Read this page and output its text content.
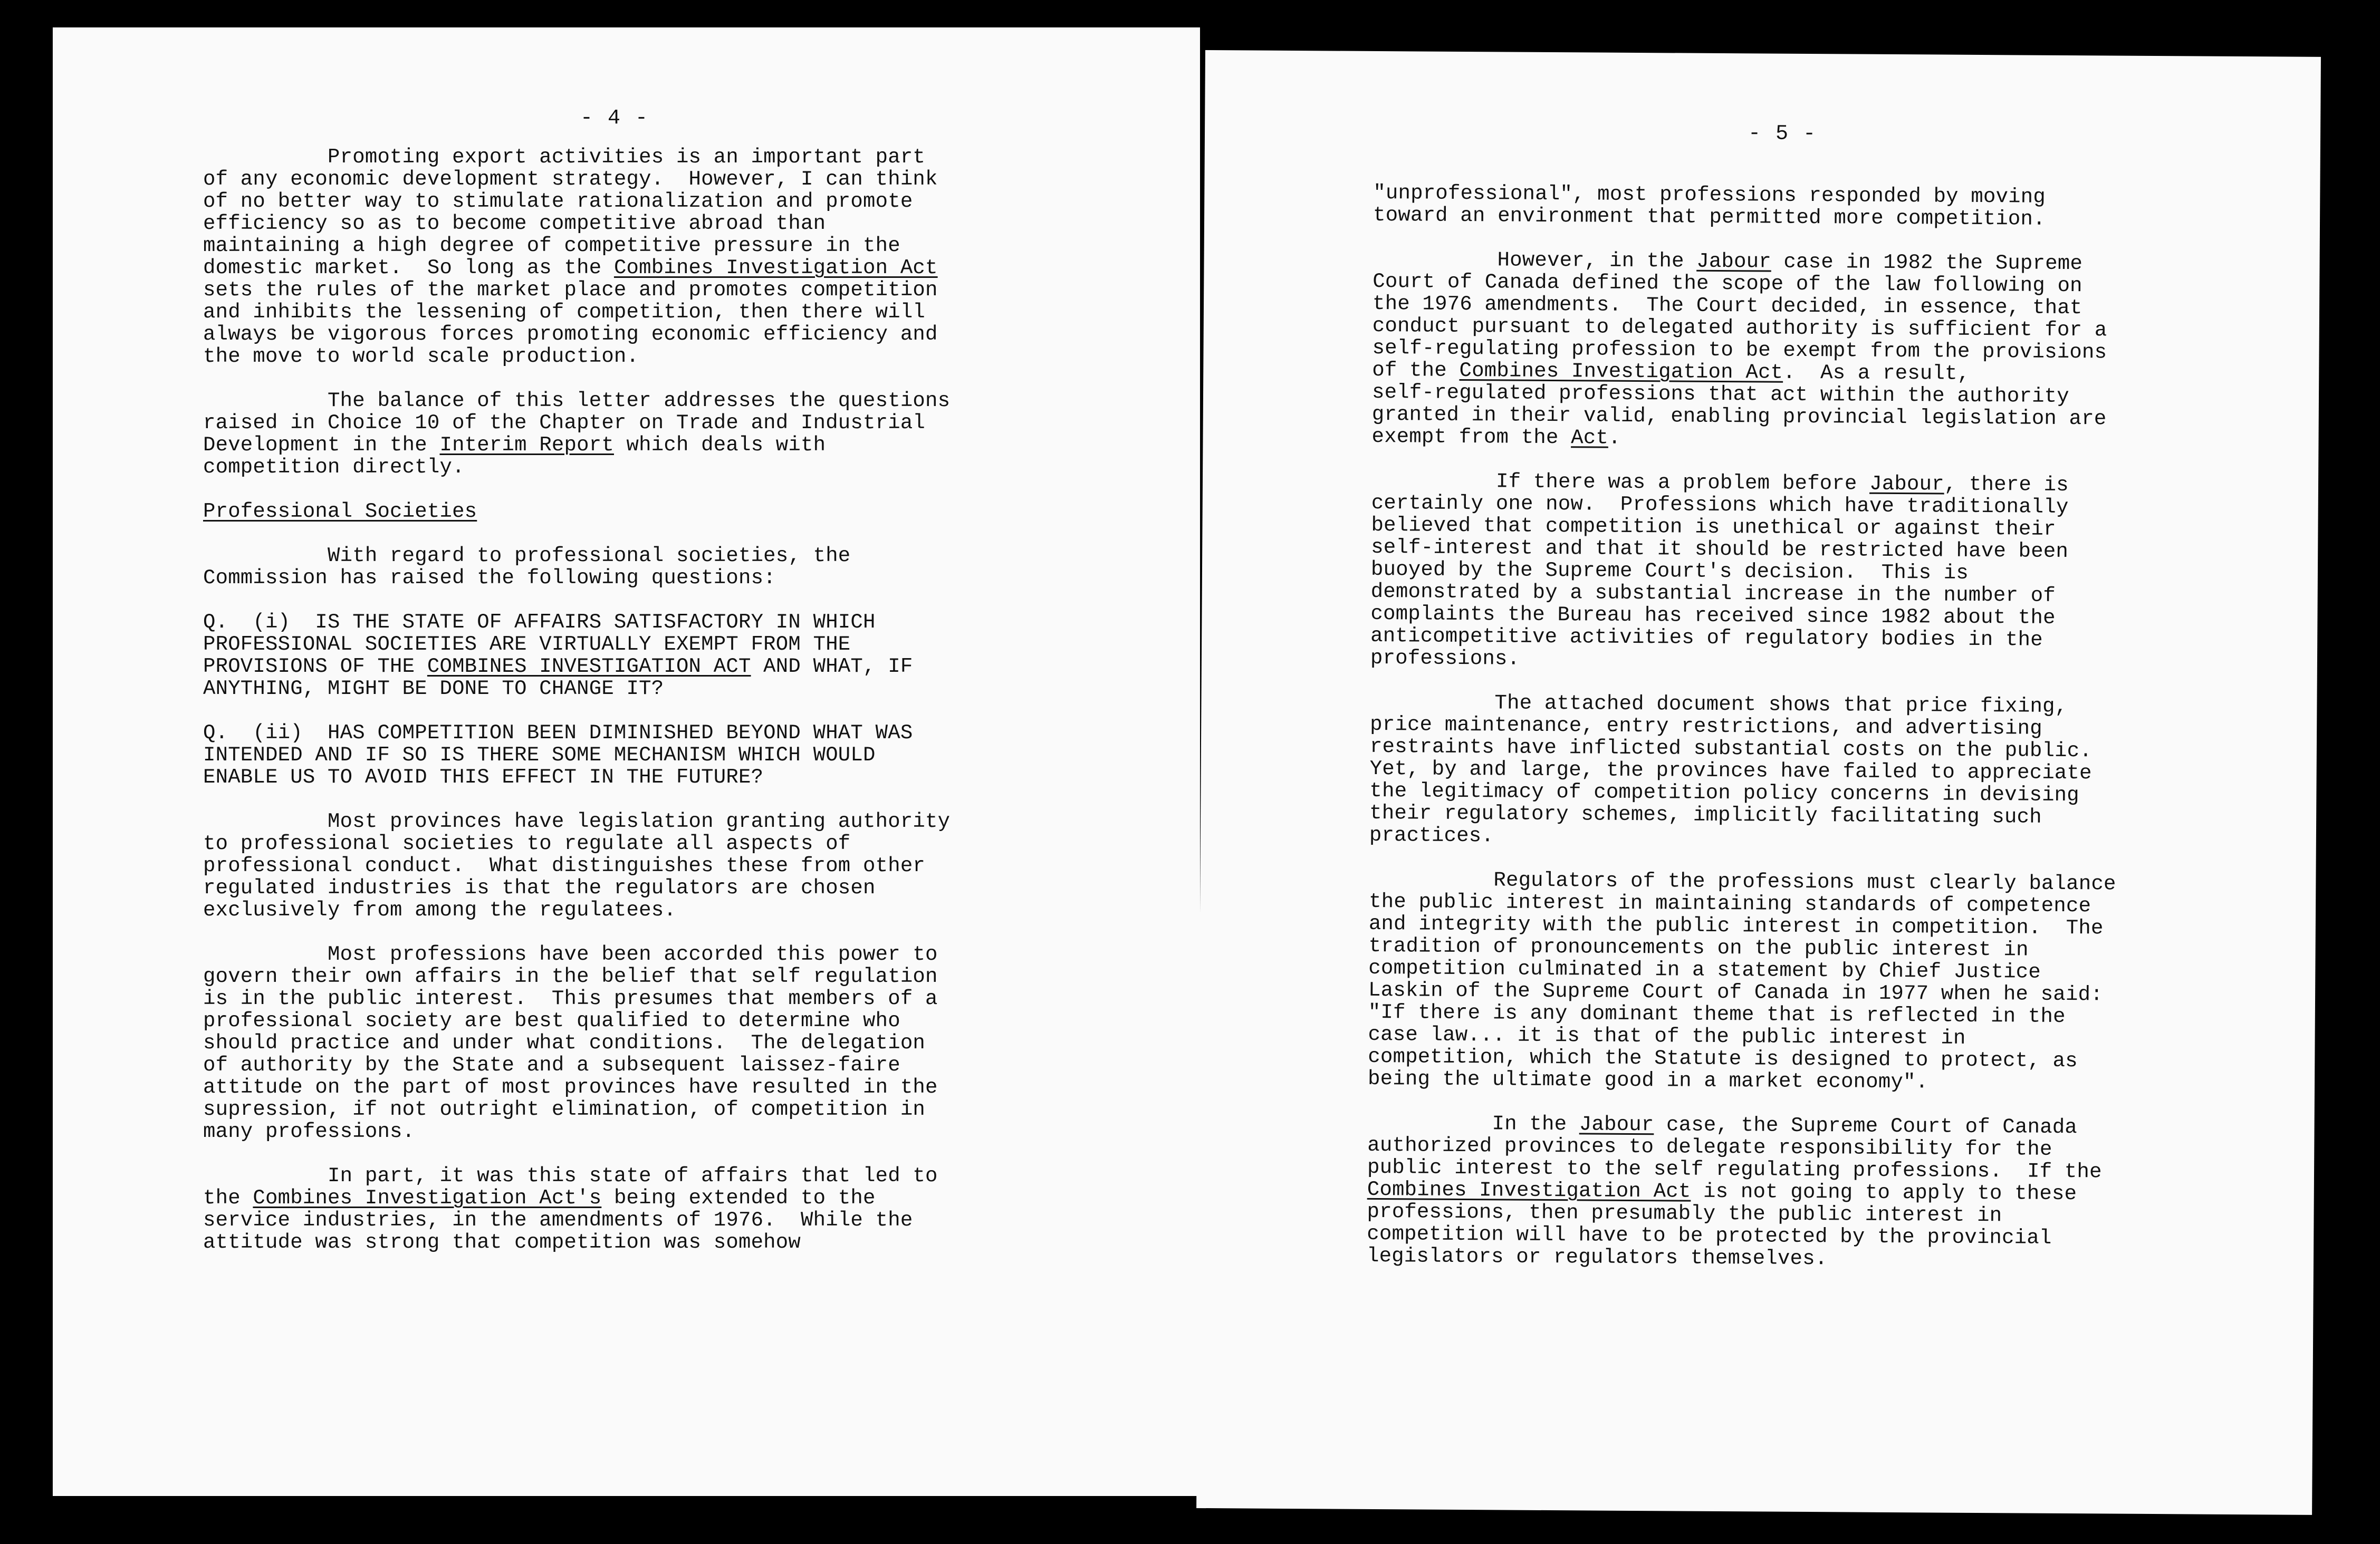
- 4 -
Promoting export activities is an important part
of any economic development strategy.  However, I can think
of no better way to stimulate rationalization and promote
efficiency so as to become competitive abroad than
maintaining a high degree of competitive pressure in the
domestic market.  So long as the Combines Investigation Act
sets the rules of the market place and promotes competition
and inhibits the lessening of competition, then there will
always be vigorous forces promoting economic efficiency and
the move to world scale production.
The balance of this letter addresses the questions
raised in Choice 10 of the Chapter on Trade and Industrial
Development in the Interim Report which deals with
competition directly.
Professional Societies
With regard to professional societies, the
Commission has raised the following questions:
Q.  (i)  IS THE STATE OF AFFAIRS SATISFACTORY IN WHICH
PROFESSIONAL SOCIETIES ARE VIRTUALLY EXEMPT FROM THE
PROVISIONS OF THE COMBINES INVESTIGATION ACT AND WHAT, IF
ANYTHING, MIGHT BE DONE TO CHANGE IT?
Q.  (ii)  HAS COMPETITION BEEN DIMINISHED BEYOND WHAT WAS
INTENDED AND IF SO IS THERE SOME MECHANISM WHICH WOULD
ENABLE US TO AVOID THIS EFFECT IN THE FUTURE?
Most provinces have legislation granting authority
to professional societies to regulate all aspects of
professional conduct.  What distinguishes these from other
regulated industries is that the regulators are chosen
exclusively from among the regulatees.
Most professions have been accorded this power to
govern their own affairs in the belief that self regulation
is in the public interest.  This presumes that members of a
professional society are best qualified to determine who
should practice and under what conditions.  The delegation
of authority by the State and a subsequent laissez-faire
attitude on the part of most provinces have resulted in the
supression, if not outright elimination, of competition in
many professions.
In part, it was this state of affairs that led to
the Combines Investigation Act's being extended to the
service industries, in the amendments of 1976.  While the
attitude was strong that competition was somehow
- 5 -
"unprofessional", most professions responded by moving
toward an environment that permitted more competition.
However, in the Jabour case in 1982 the Supreme
Court of Canada defined the scope of the law following on
the 1976 amendments.  The Court decided, in essence, that
conduct pursuant to delegated authority is sufficient for a
self-regulating profession to be exempt from the provisions
of the Combines Investigation Act.  As a result,
self-regulated professions that act within the authority
granted in their valid, enabling provincial legislation are
exempt from the Act.
If there was a problem before Jabour, there is
certainly one now.  Professions which have traditionally
believed that competition is unethical or against their
self-interest and that it should be restricted have been
buoyed by the Supreme Court's decision.  This is
demonstrated by a substantial increase in the number of
complaints the Bureau has received since 1982 about the
anticompetitive activities of regulatory bodies in the
professions.
The attached document shows that price fixing,
price maintenance, entry restrictions, and advertising
restraints have inflicted substantial costs on the public.
Yet, by and large, the provinces have failed to appreciate
the legitimacy of competition policy concerns in devising
their regulatory schemes, implicitly facilitating such
practices.
Regulators of the professions must clearly balance
the public interest in maintaining standards of competence
and integrity with the public interest in competition.  The
tradition of pronouncements on the public interest in
competition culminated in a statement by Chief Justice
Laskin of the Supreme Court of Canada in 1977 when he said:
"If there is any dominant theme that is reflected in the
case law... it is that of the public interest in
competition, which the Statute is designed to protect, as
being the ultimate good in a market economy".
In the Jabour case, the Supreme Court of Canada
authorized provinces to delegate responsibility for the
public interest to the self regulating professions.  If the
Combines Investigation Act is not going to apply to these
professions, then presumably the public interest in
competition will have to be protected by the provincial
legislators or regulators themselves.
